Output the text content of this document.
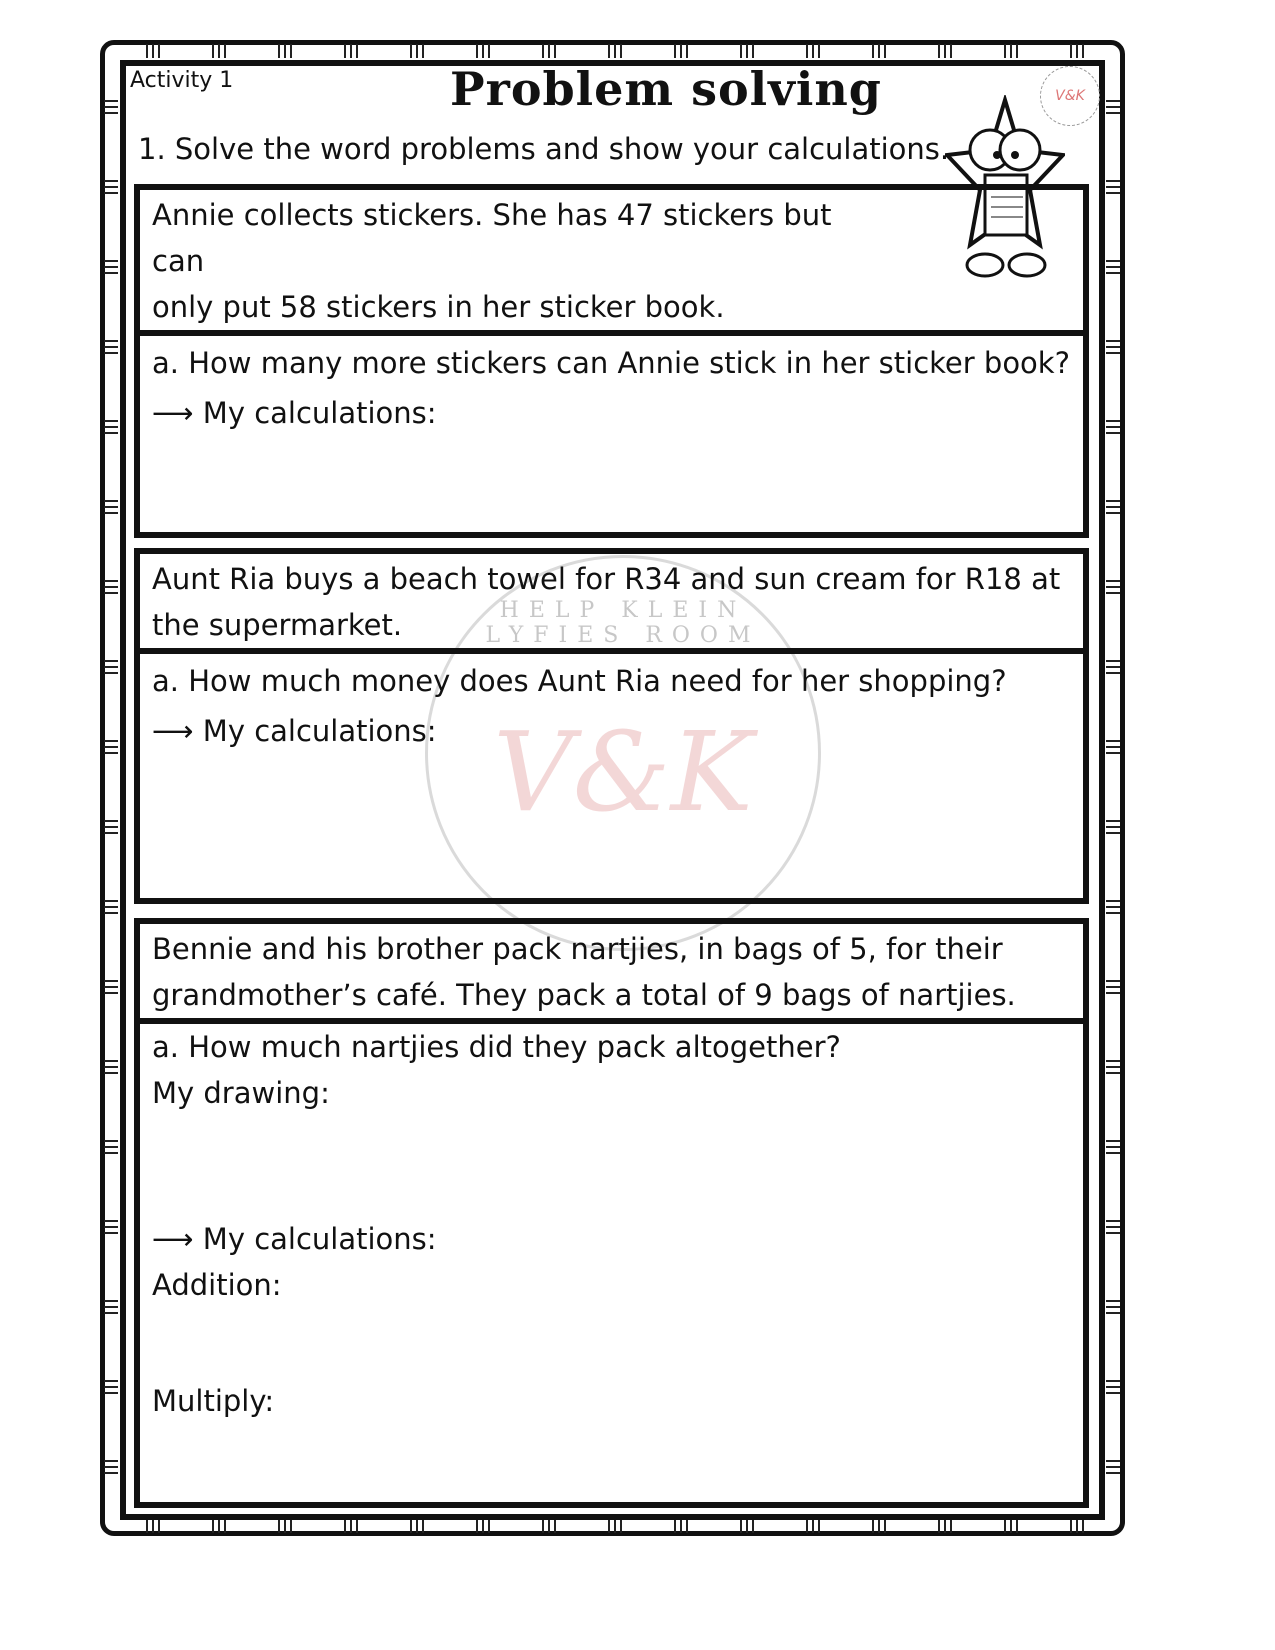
Activity 1	Problem solving
1. Solve the word problems and show your calculations.
V&K
HELP KLEIN LYFIES ROOM
V&K
Annie collects stickers. She has 47 stickers but can
only put 58 stickers in her sticker book.
a. How many more stickers can Annie stick in her sticker book?
⟶ My calculations:
Aunt Ria buys a beach towel for R34 and sun cream for R18 at
the supermarket.
a. How much money does Aunt Ria need for her shopping?
⟶ My calculations:
Bennie and his brother pack nartjies, in bags of 5, for their
grandmother’s café. They pack a total of 9 bags of nartjies.
a. How much nartjies did they pack altogether?
My drawing:
⟶ My calculations:
Addition:
Multiply:
